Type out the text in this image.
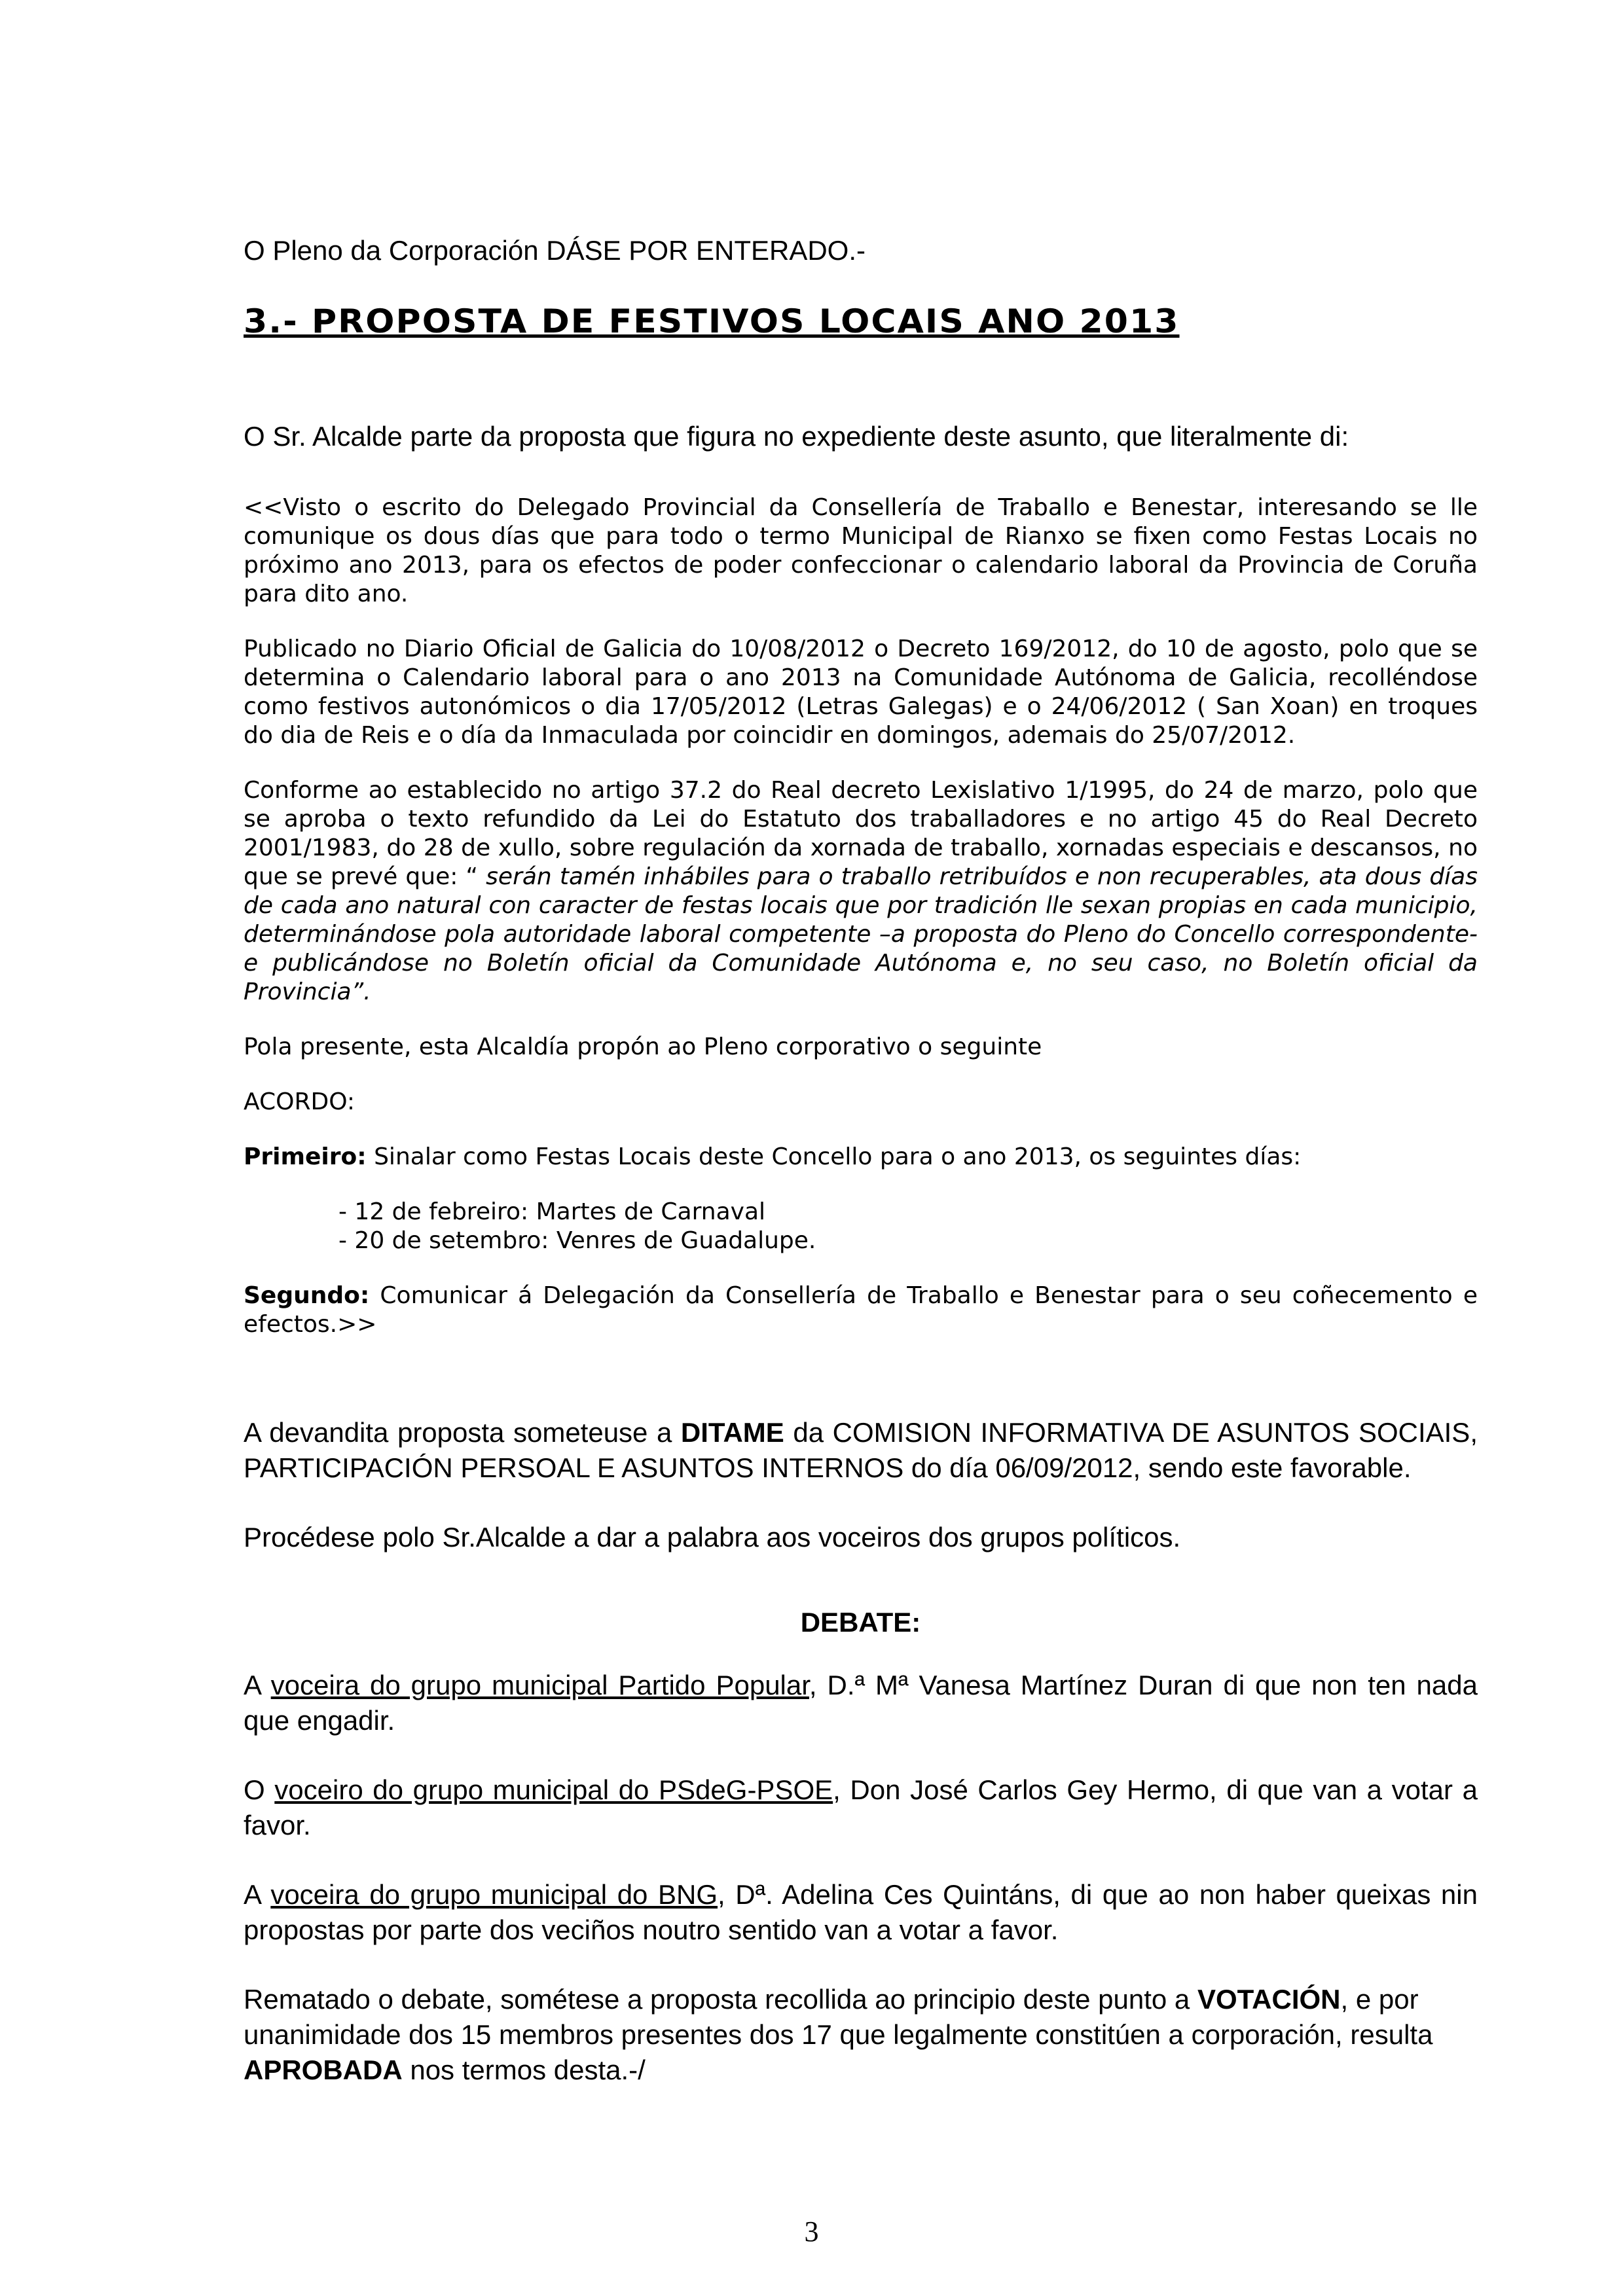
O Pleno da Corporación DÁSE POR ENTERADO.-

3.- PROPOSTA DE FESTIVOS LOCAIS ANO 2013

O Sr. Alcalde parte da proposta que figura no expediente deste asunto, que literalmente di:

<<Visto o escrito do Delegado Provincial da Consellería de Traballo e Benestar, interesando se lle comunique os dous días que para todo o termo Municipal de Rianxo se fixen como Festas Locais no próximo ano 2013, para os efectos de poder confeccionar o calendario laboral da Provincia de Coruña para dito ano.

Publicado no Diario Oficial de Galicia do 10/08/2012 o Decreto 169/2012, do 10 de agosto, polo que se determina o Calendario laboral para o ano 2013 na Comunidade Autónoma de Galicia, recolléndose como festivos autonómicos o dia 17/05/2012 (Letras Galegas) e o 24/06/2012 ( San Xoan) en troques do dia de Reis e o día da Inmaculada por coincidir en domingos, ademais do 25/07/2012.

Conforme ao establecido no artigo 37.2 do Real decreto Lexislativo 1/1995, do 24 de marzo, polo que se aproba o texto refundido da Lei do Estatuto dos traballadores e no artigo 45 do Real Decreto 2001/1983, do 28 de xullo, sobre regulación da xornada de traballo, xornadas especiais e descansos, no que se prevé que: “ serán tamén inhábiles para o traballo retribuídos e non recuperables, ata dous días de cada ano natural con caracter de festas locais que por tradición lle sexan propias en cada municipio, determinándose pola autoridade laboral competente –a proposta do Pleno do Concello correspondente- e publicándose no Boletín oficial da Comunidade Autónoma e, no seu caso, no Boletín oficial da Provincia”.

Pola presente, esta Alcaldía propón ao Pleno corporativo o seguinte

ACORDO:

Primeiro: Sinalar como Festas Locais deste Concello para o ano 2013, os seguintes días:

- 12 de febreiro: Martes de Carnaval

- 20 de setembro: Venres de Guadalupe.

Segundo: Comunicar á Delegación da Consellería de Traballo e Benestar para o seu coñecemento e efectos.>>

A devandita proposta someteuse a DITAME da COMISION INFORMATIVA DE ASUNTOS SOCIAIS, PARTICIPACIÓN PERSOAL E ASUNTOS INTERNOS do día 06/09/2012, sendo este favorable.

Procédese polo Sr.Alcalde a dar a palabra aos voceiros dos grupos políticos.

DEBATE:

A voceira do grupo municipal Partido Popular, D.ª Mª Vanesa Martínez Duran di que non ten nada que engadir.

O voceiro do grupo municipal do PSdeG-PSOE, Don José Carlos Gey Hermo, di que van a votar a favor.

A voceira do grupo municipal do BNG, Dª. Adelina Ces Quintáns, di que ao non haber queixas nin propostas por parte dos veciños noutro sentido van a votar a favor.

Rematado o debate, sométese a proposta recollida ao principio deste punto a VOTACIÓN, e por unanimidade dos 15 membros presentes dos 17 que legalmente constitúen a corporación, resulta APROBADA nos termos desta.-/

3
